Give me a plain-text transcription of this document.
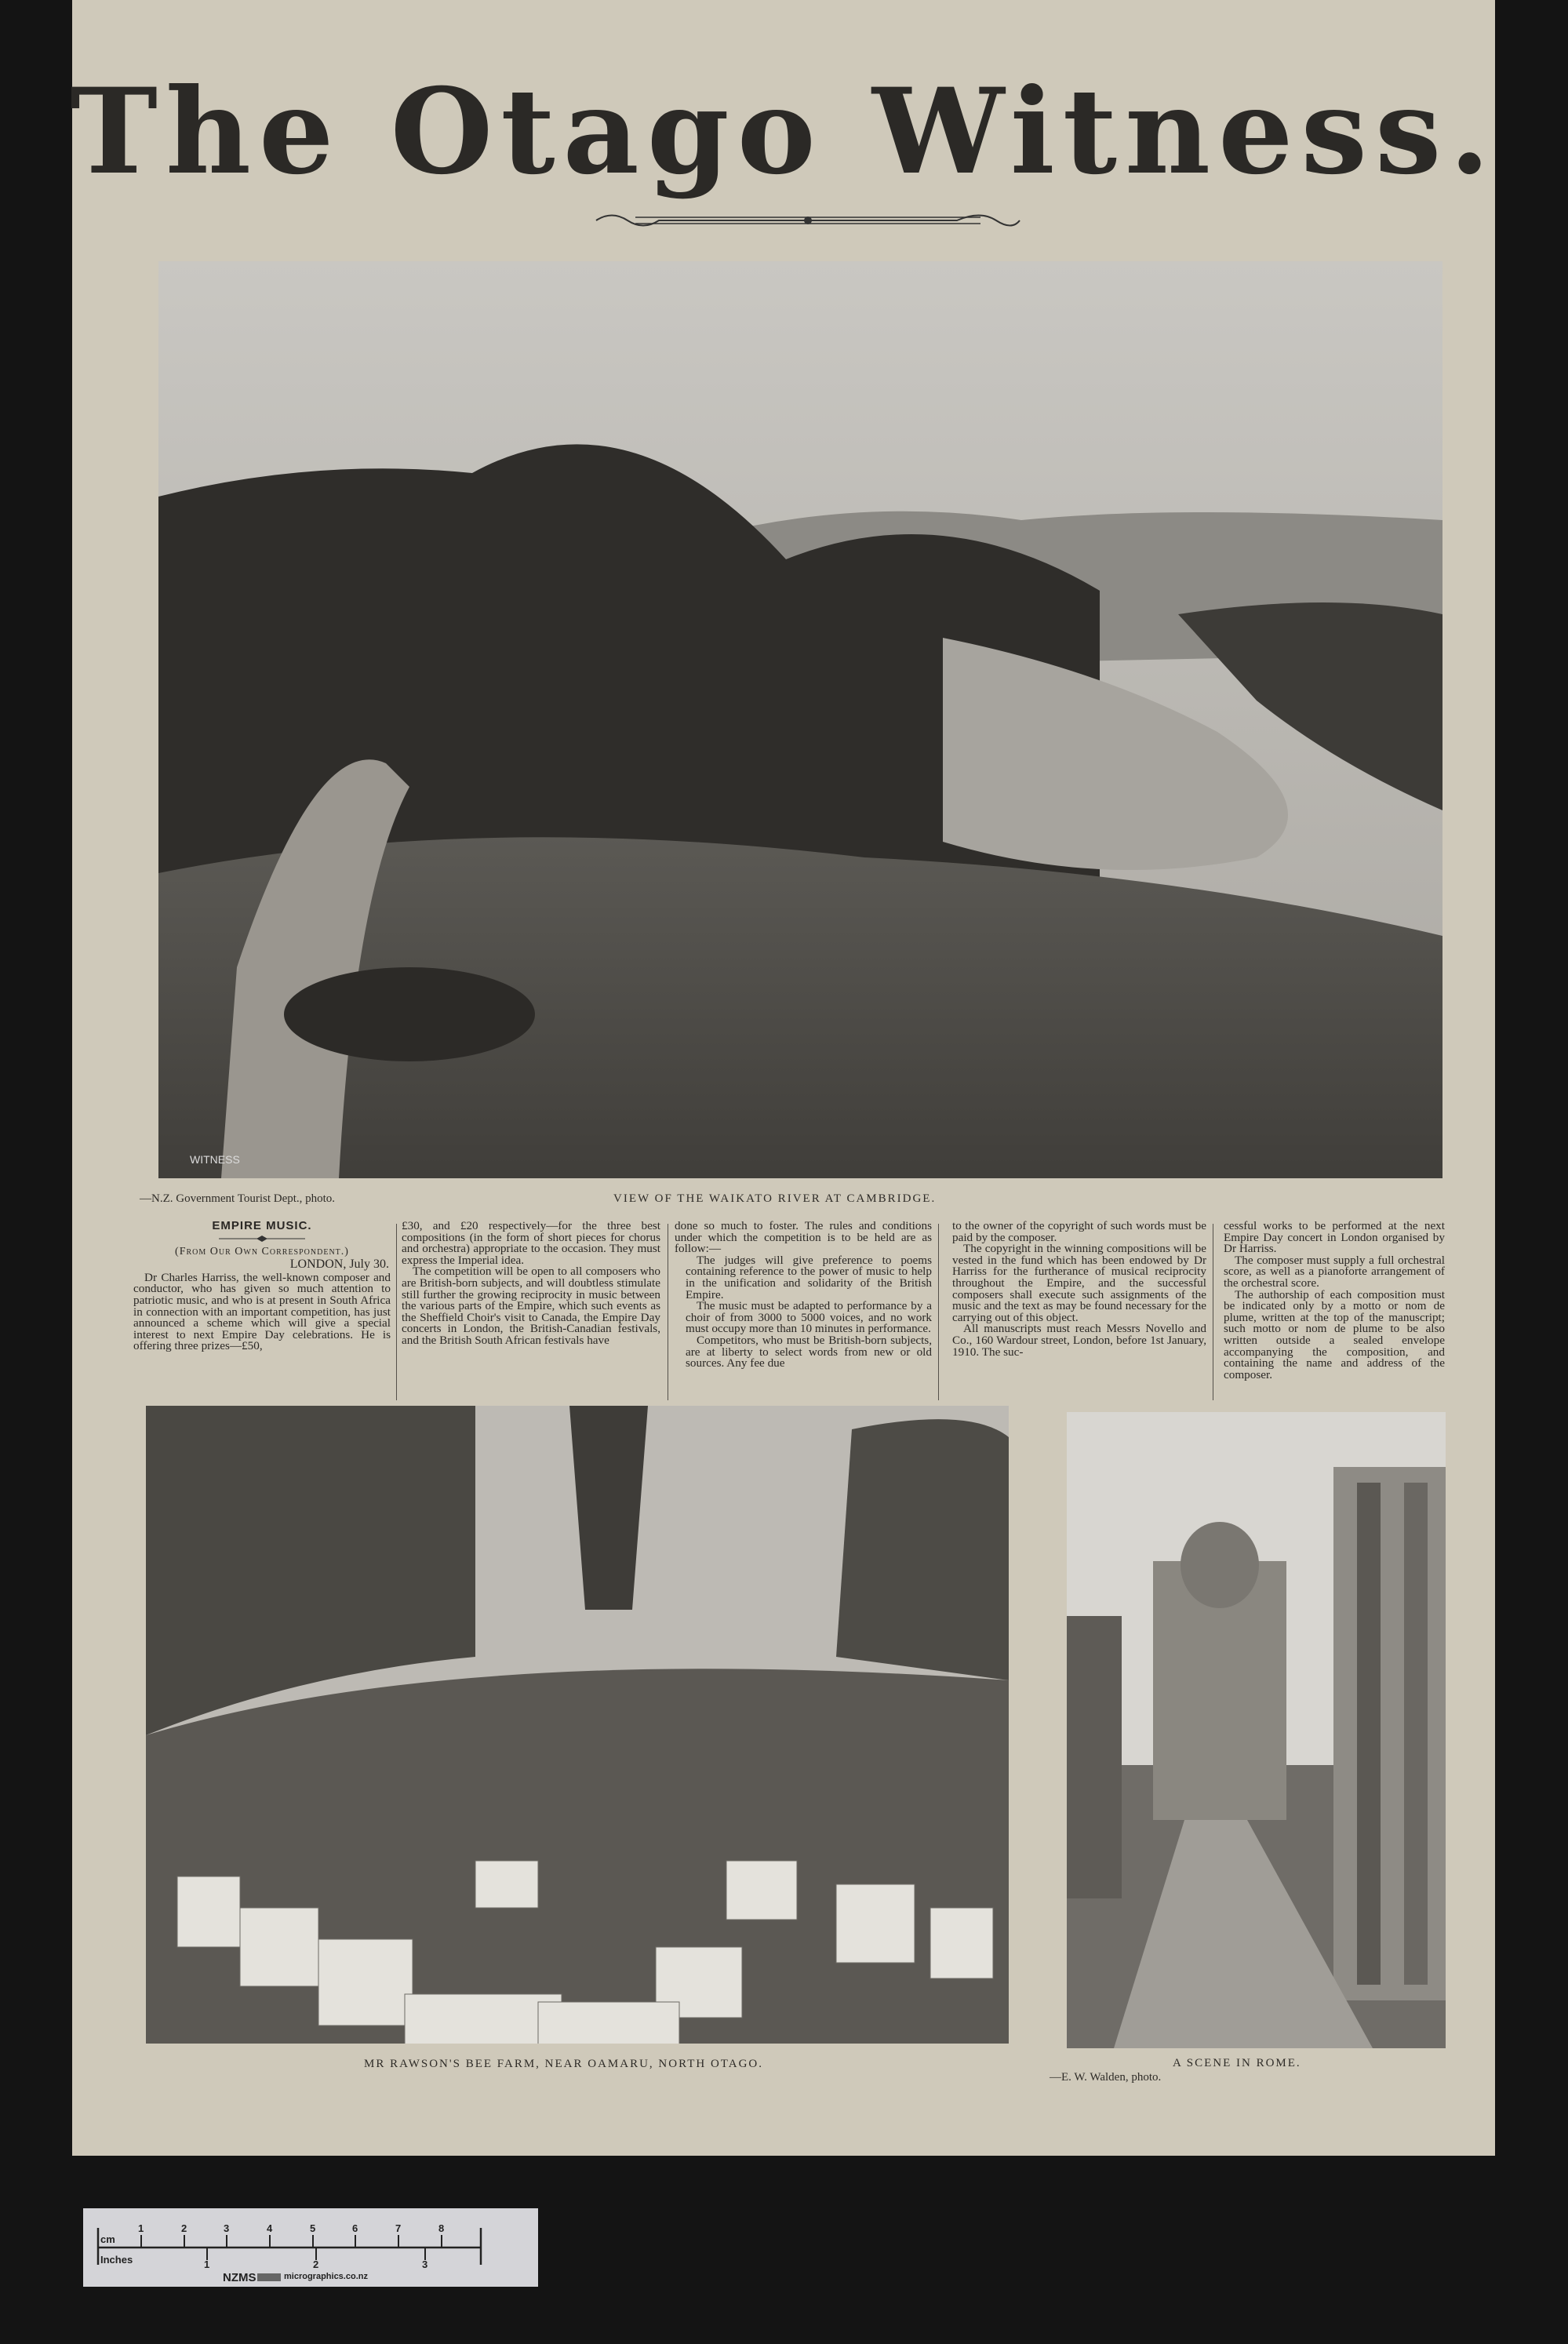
The Otago Witness.
WITNESS
—N.Z. Government Tourist Dept., photo.	VIEW OF THE WAIKATO RIVER AT CAMBRIDGE.
EMPIRE MUSIC.
(From Our Own Correspondent.)
LONDON, July 30.

Dr Charles Harriss, the well-known composer and conductor, who has given so much attention to patriotic music, and who is at present in South Africa in connection with an important competition, has just announced a scheme which will give a special interest to next Empire Day celebrations. He is offering three prizes—£50,

£30, and £20 respectively—for the three best compositions (in the form of short pieces for chorus and orchestra) appropriate to the occasion. They must express the Imperial idea.

The competition will be open to all composers who are British-born subjects, and will doubtless stimulate still further the growing reciprocity in music between the various parts of the Empire, which such events as the Sheffield Choir's visit to Canada, the Empire Day concerts in London, the British-Canadian festivals, and the British South African festivals have

done so much to foster. The rules and conditions under which the competition is to be held are as follow:—

The judges will give preference to poems containing reference to the power of music to help in the unification and solidarity of the British Empire.

The music must be adapted to performance by a choir of from 3000 to 5000 voices, and no work must occupy more than 10 minutes in performance.

Competitors, who must be British-born subjects, are at liberty to select words from new or old sources. Any fee due

to the owner of the copyright of such words must be paid by the composer.

The copyright in the winning compositions will be vested in the fund which has been endowed by Dr Harriss for the furtherance of musical reciprocity throughout the Empire, and the successful composers shall execute such assignments of the music and the text as may be found necessary for the carrying out of this object.

All manuscripts must reach Messrs Novello and Co., 160 Wardour street, London, before 1st January, 1910. The suc-

cessful works to be performed at the next Empire Day concert in London organised by Dr Harriss.

The composer must supply a full orchestral score, as well as a pianoforte arrangement of the orchestral score.

The authorship of each composition must be indicated only by a motto or nom de plume, written at the top of the manuscript; such motto or nom de plume to be also written outside a sealed envelope accompanying the composition, and containing the name and address of the composer.

MR RAWSON'S BEE FARM, NEAR OAMARU, NORTH OTAGO.
—E. W. Walden, photo.
A SCENE IN ROME.
cm
Inches
1	2	3	4	5	6	7	8
1	2	3
NZMS	micrographics.co.nz
